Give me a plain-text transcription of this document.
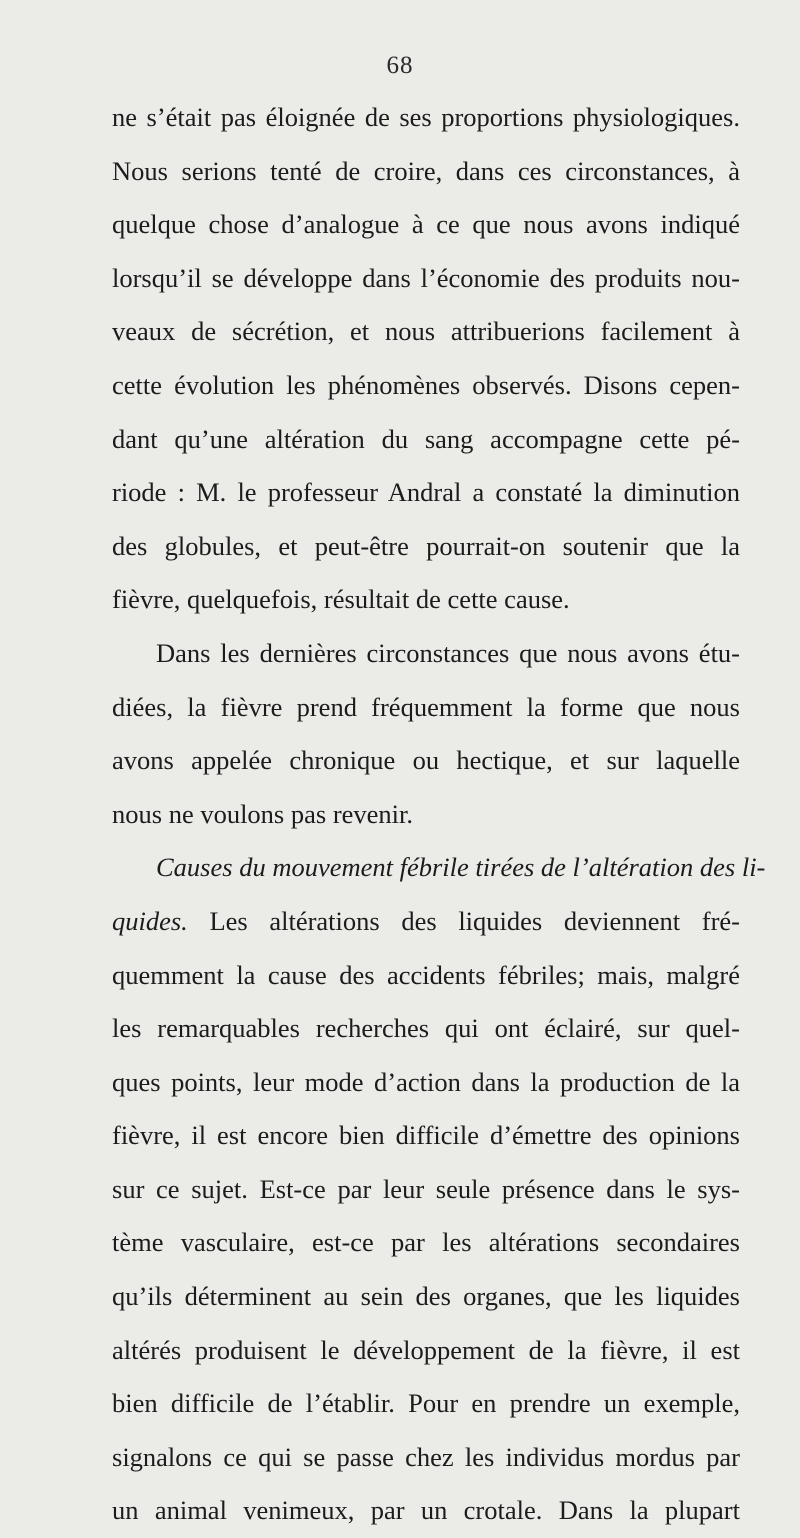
68
ne s’était pas éloignée de ses proportions physiologiques.
Nous serions tenté de croire, dans ces circonstances, à
quelque chose d’analogue à ce que nous avons indiqué
lorsqu’il se développe dans l’économie des produits nou-
veaux de sécrétion, et nous attribuerions facilement à
cette évolution les phénomènes observés. Disons cepen-
dant qu’une altération du sang accompagne cette pé-
riode : M. le professeur Andral a constaté la diminution
des globules, et peut-être pourrait-on soutenir que la
fièvre, quelquefois, résultait de cette cause.
Dans les dernières circonstances que nous avons étu-
diées, la fièvre prend fréquemment la forme que nous
avons appelée chronique ou hectique, et sur laquelle
nous ne voulons pas revenir.
Causes du mouvement fébrile tirées de l’altération des li-
quides. Les altérations des liquides deviennent fré-
quemment la cause des accidents fébriles; mais, malgré
les remarquables recherches qui ont éclairé, sur quel-
ques points, leur mode d’action dans la production de la
fièvre, il est encore bien difficile d’émettre des opinions
sur ce sujet. Est-ce par leur seule présence dans le sys-
tème vasculaire, est-ce par les altérations secondaires
qu’ils déterminent au sein des organes, que les liquides
altérés produisent le développement de la fièvre, il est
bien difficile de l’établir. Pour en prendre un exemple,
signalons ce qui se passe chez les individus mordus par
un animal venimeux, par un crotale. Dans la plupart
